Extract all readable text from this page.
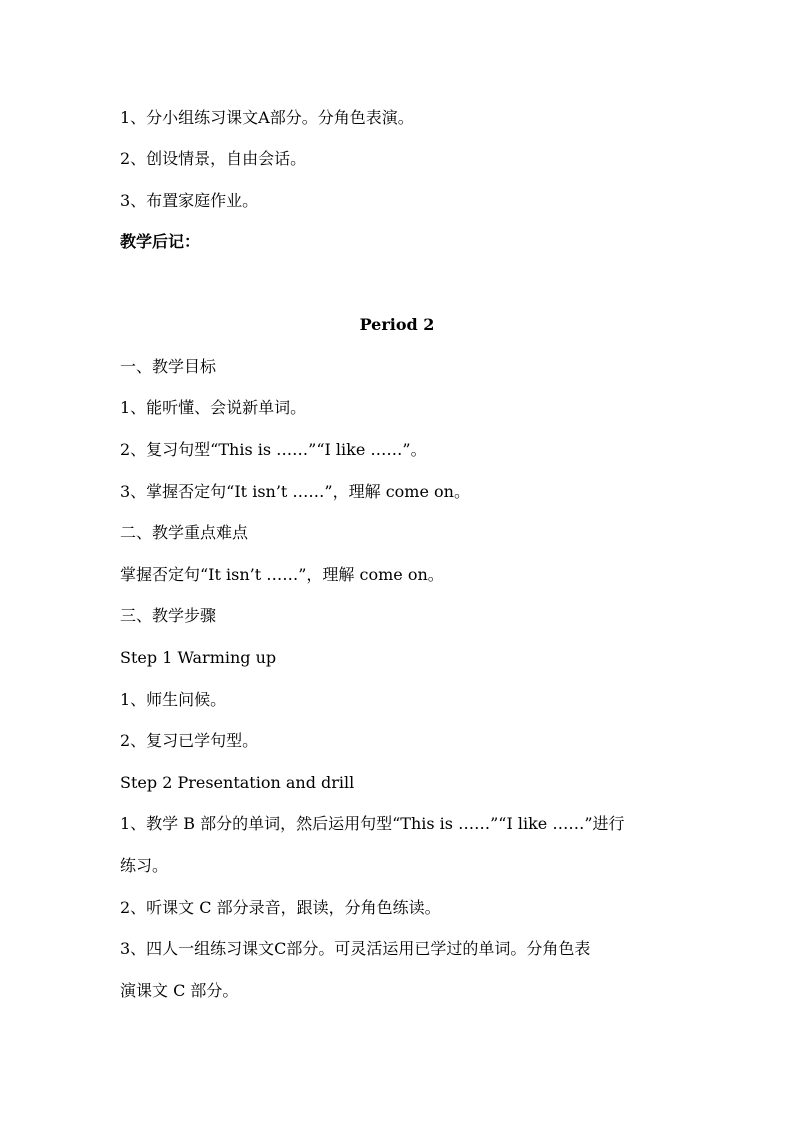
1、分小组练习课文A部分。分角色表演。
2、创设情景，自由会话。
3、布置家庭作业。
教学后记：
Period 2
一、教学目标
1、能听懂、会说新单词。
2、复习句型“This is ……”“I like ……”。
3、掌握否定句“It isn’t ……”，理解 come on。
二、教学重点难点
掌握否定句“It isn’t ……”，理解 come on。
三、教学步骤
Step 1 Warming up
1、师生问候。
2、复习已学句型。
Step 2 Presentation and drill
1、教学 B 部分的单词，然后运用句型“This is ……”“I like ……”进行
练习。
2、听课文 C 部分录音，跟读，分角色练读。
3、四人一组练习课文C部分。可灵活运用已学过的单词。分角色表
演课文 C 部分。
